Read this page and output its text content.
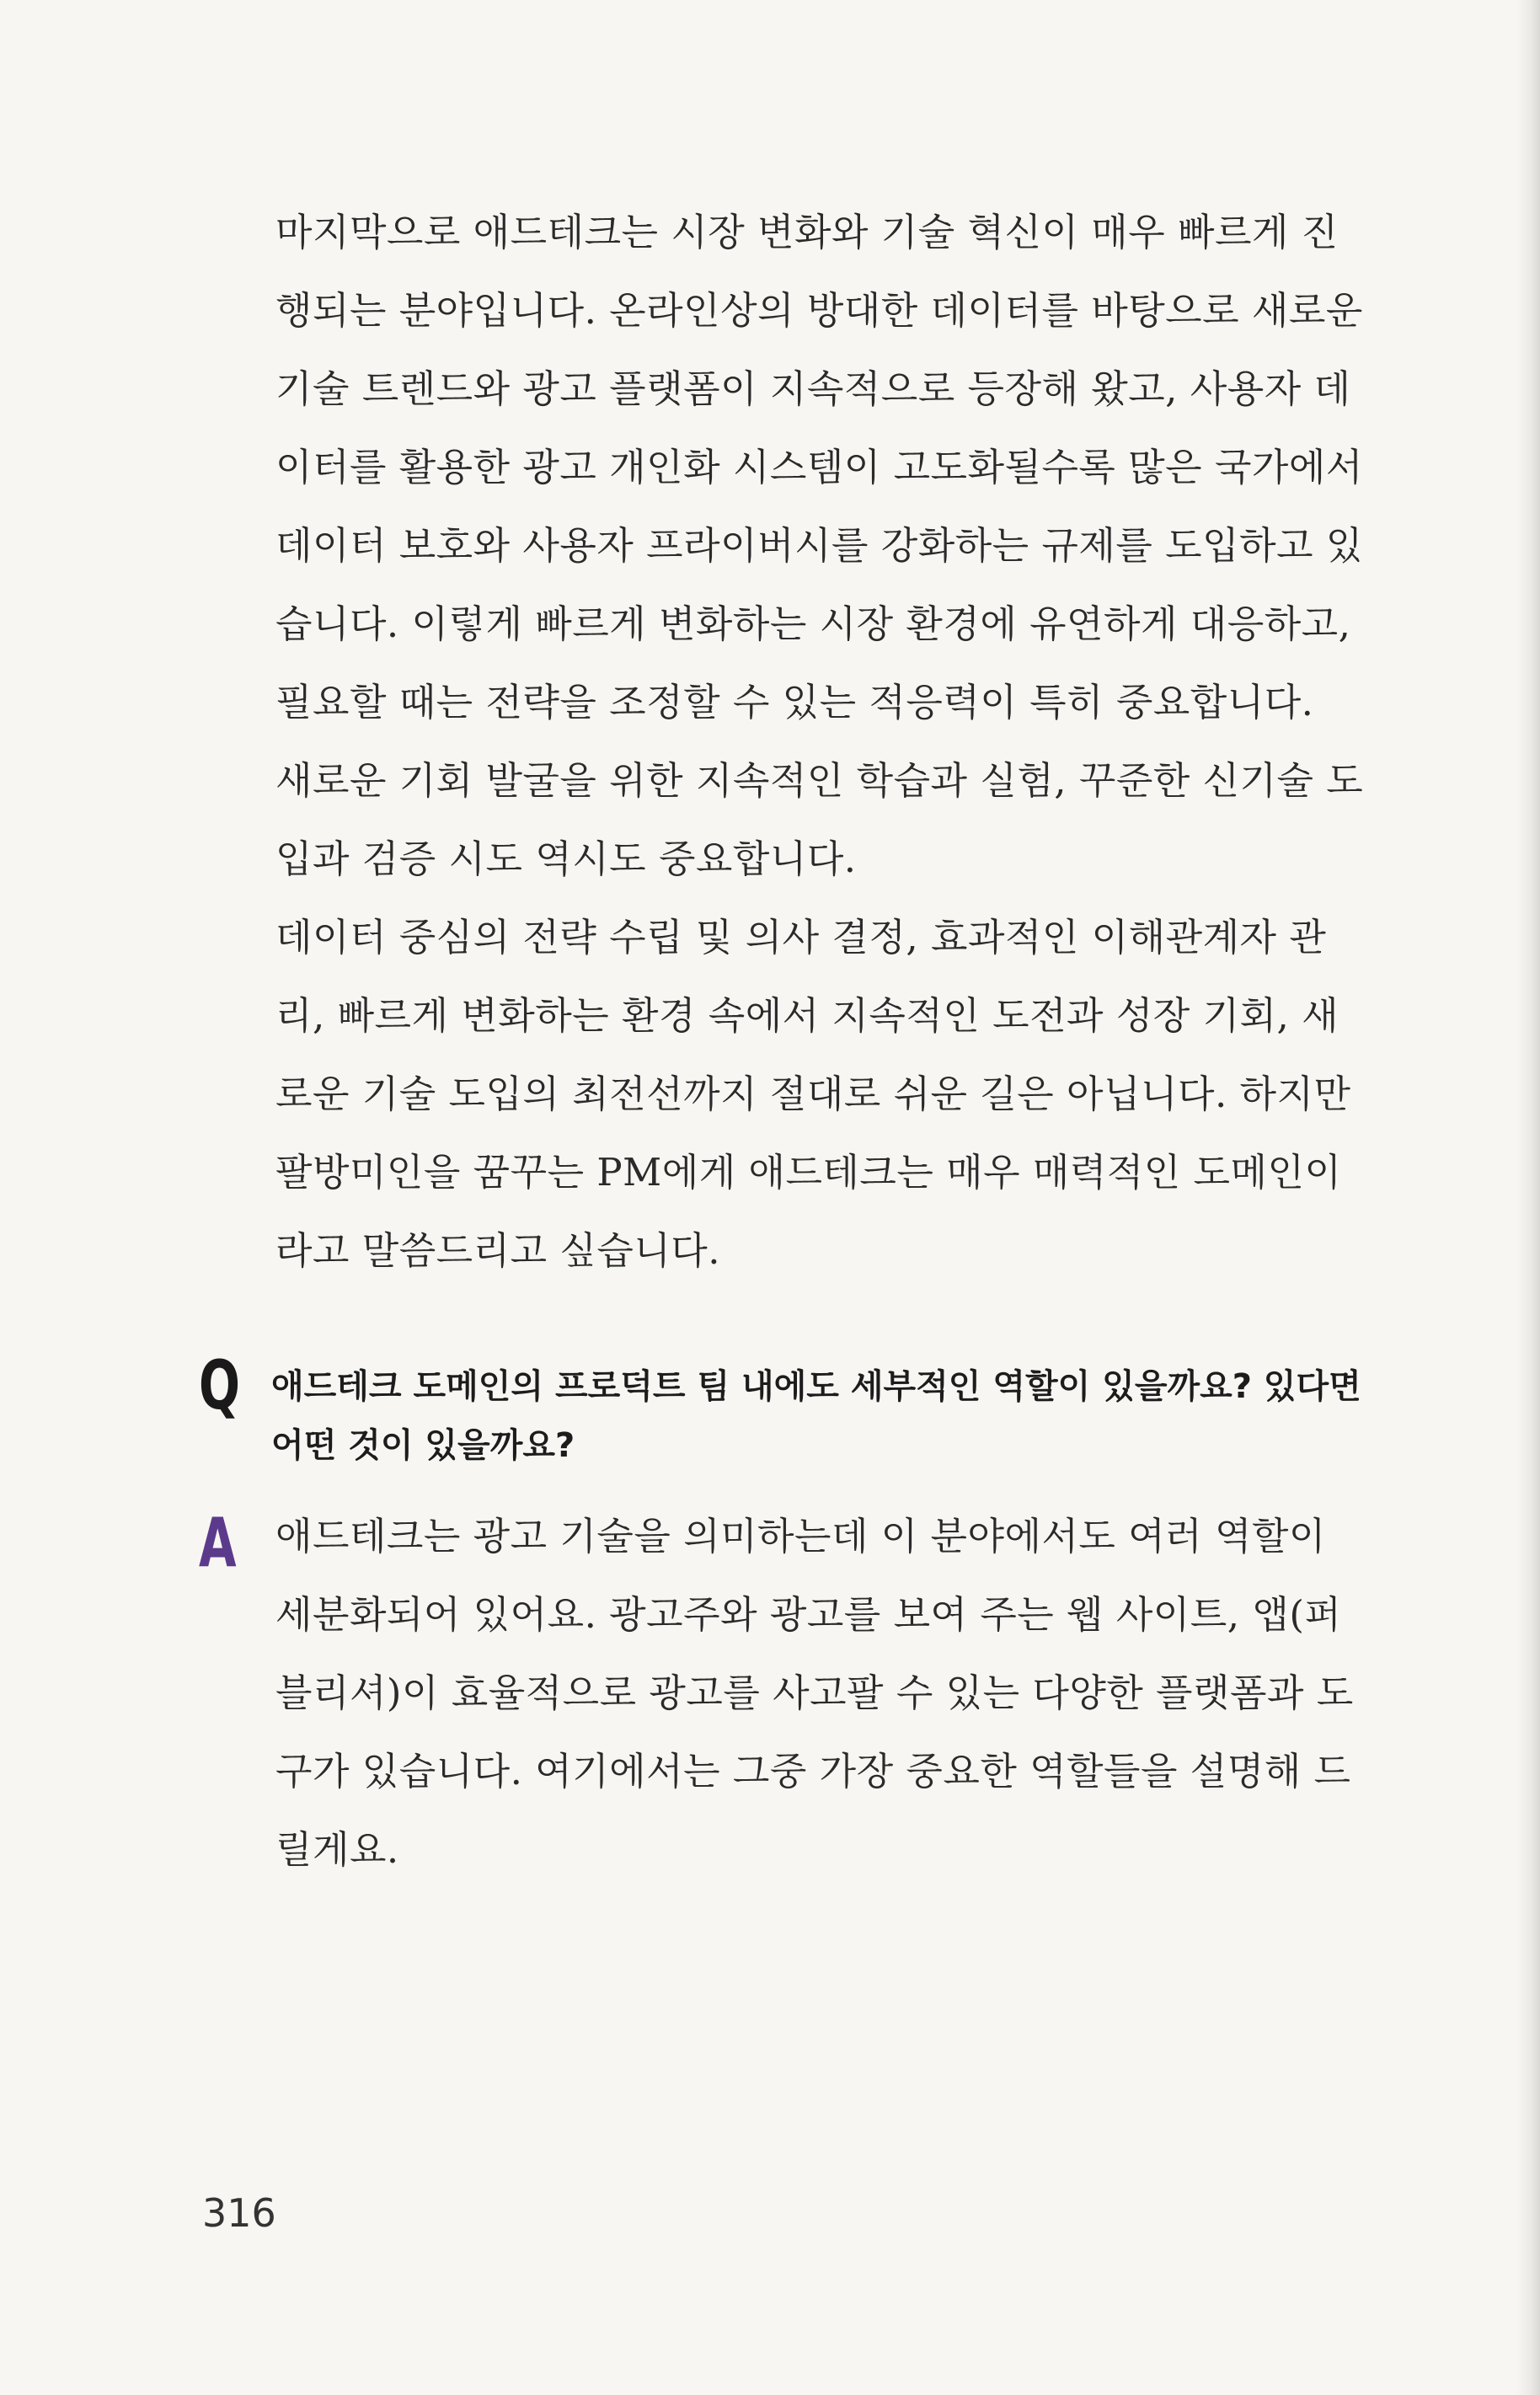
마지막으로 애드테크는 시장 변화와 기술 혁신이 매우 빠르게 진
행되는 분야입니다. 온라인상의 방대한 데이터를 바탕으로 새로운
기술 트렌드와 광고 플랫폼이 지속적으로 등장해 왔고, 사용자 데
이터를 활용한 광고 개인화 시스템이 고도화될수록 많은 국가에서
데이터 보호와 사용자 프라이버시를 강화하는 규제를 도입하고 있
습니다. 이렇게 빠르게 변화하는 시장 환경에 유연하게 대응하고,
필요할 때는 전략을 조정할 수 있는 적응력이 특히 중요합니다.
새로운 기회 발굴을 위한 지속적인 학습과 실험, 꾸준한 신기술 도
입과 검증 시도 역시도 중요합니다.
데이터 중심의 전략 수립 및 의사 결정, 효과적인 이해관계자 관
리, 빠르게 변화하는 환경 속에서 지속적인 도전과 성장 기회, 새
로운 기술 도입의 최전선까지 절대로 쉬운 길은 아닙니다. 하지만
팔방미인을 꿈꾸는 PM에게 애드테크는 매우 매력적인 도메인이
라고 말씀드리고 싶습니다.
Q 애드테크 도메인의 프로덕트 팀 내에도 세부적인 역할이 있을까요? 있다면
어떤 것이 있을까요?
A 애드테크는 광고 기술을 의미하는데 이 분야에서도 여러 역할이
세분화되어 있어요. 광고주와 광고를 보여 주는 웹 사이트, 앱(퍼
블리셔)이 효율적으로 광고를 사고팔 수 있는 다양한 플랫폼과 도
구가 있습니다. 여기에서는 그중 가장 중요한 역할들을 설명해 드
릴게요.
316
